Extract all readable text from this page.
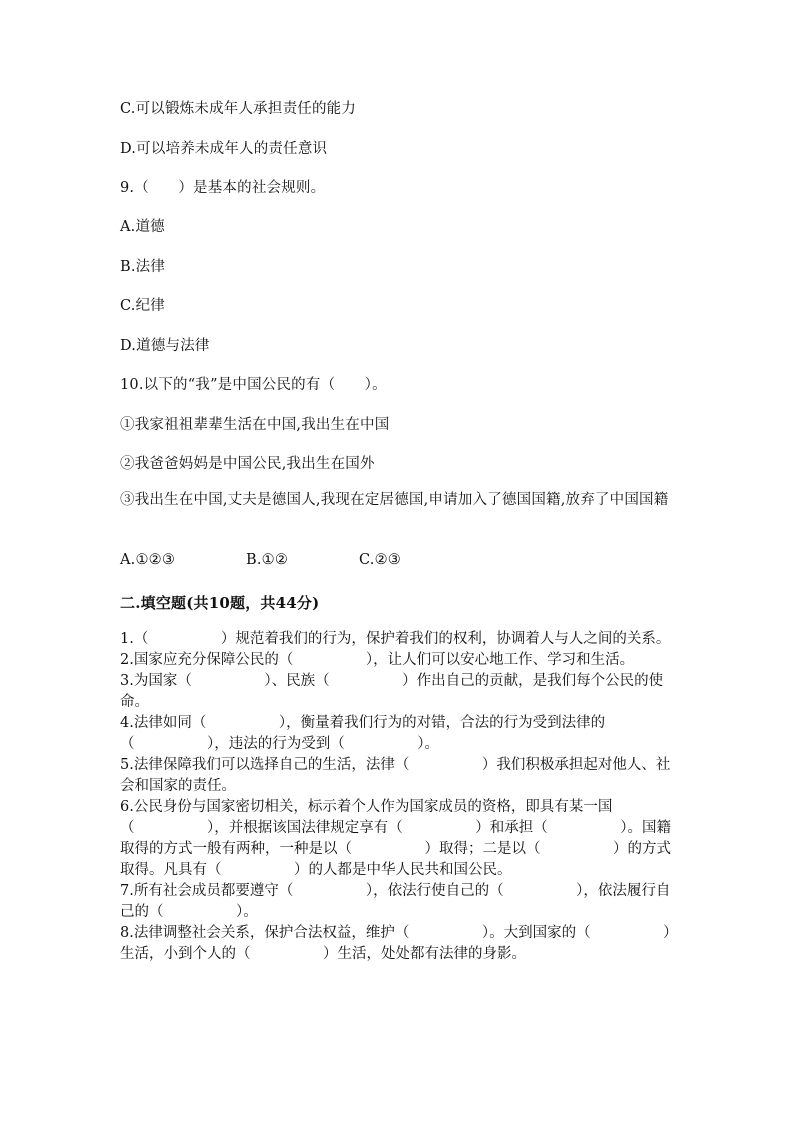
C.可以锻炼未成年人承担责任的能力
D.可以培养未成年人的责任意识
9.（　　）是基本的社会规则。
A.道德
B.法律
C.纪律
D.道德与法律
10.以下的“我”是中国公民的有（　　）。
①我家祖祖辈辈生活在中国,我出生在中国
②我爸爸妈妈是中国公民,我出生在国外
③我出生在中国,丈夫是德国人,我现在定居德国,申请加入了德国国籍,放弃了中国国籍
A.①②③	B.①②	C.②③
二.填空题(共10题，共44分)

1.（　　　　　）规范着我们的行为，保护着我们的权利，协调着人与人之间的关系。

2.国家应充分保障公民的（　　　　　），让人们可以安心地工作、学习和生活。

3.为国家（　　　　　）、民族（　　　　　）作出自己的贡献，是我们每个公民的使命。

4.法律如同（　　　　　），衡量着我们行为的对错，合法的行为受到法律的（　　　　　），违法的行为受到（　　　　　）。

5.法律保障我们可以选择自己的生活，法律（　　　　　）我们积极承担起对他人、社会和国家的责任。

6.公民身份与国家密切相关，标示着个人作为国家成员的资格，即具有某一国（　　　　　），并根据该国法律规定享有（　　　　　）和承担（　　　　　）。国籍取得的方式一般有两种，一种是以（　　　　　）取得；二是以（　　　　　）的方式取得。凡具有（　　　　　）的人都是中华人民共和国公民。

7.所有社会成员都要遵守（　　　　　），依法行使自己的（　　　　　），依法履行自己的（　　　　　）。

8.法律调整社会关系，保护合法权益，维护（　　　　　）。大到国家的（　　　　　）生活，小到个人的（　　　　　）生活，处处都有法律的身影。
